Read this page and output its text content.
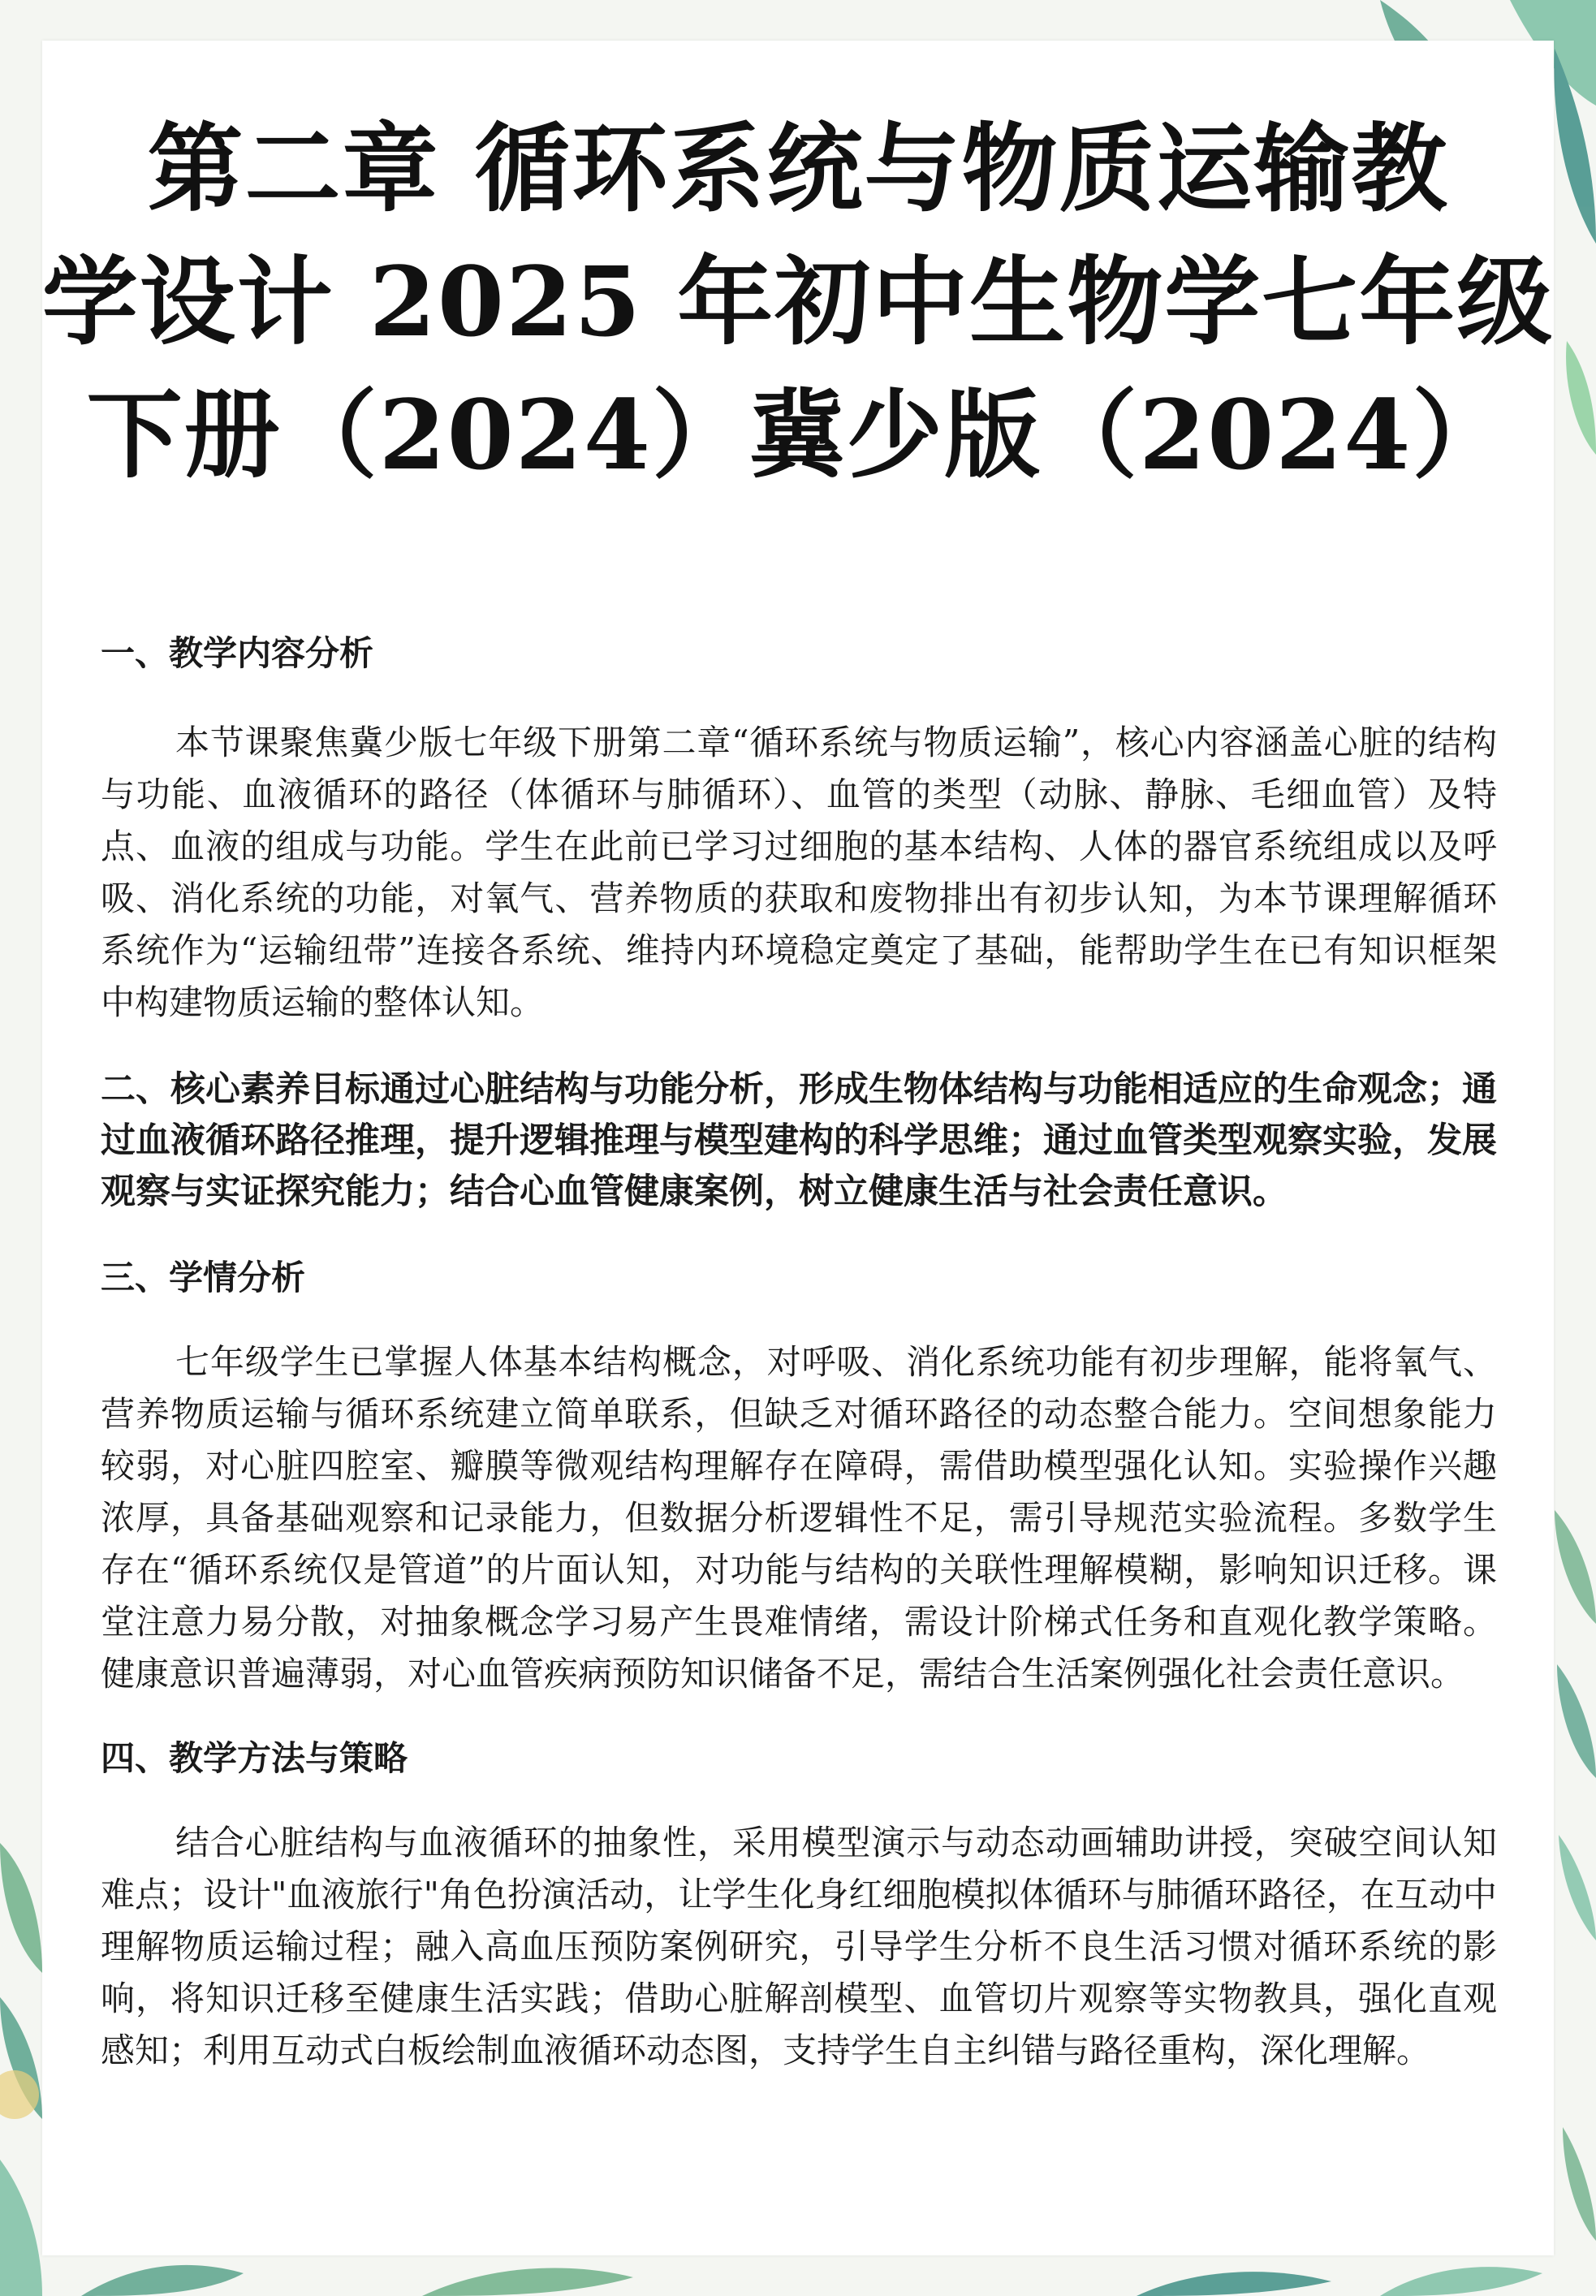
第二章 循环系统与物质运输教
学设计 2025 年初中生物学七年级
下册（2024）冀少版（2024）

一、教学内容分析

本节课聚焦冀少版七年级下册第二章“循环系统与物质运输”，核心内容涵盖心脏的结构与功能、血液循环的路径（体循环与肺循环）、血管的类型（动脉、静脉、毛细血管）及特点、血液的组成与功能。学生在此前已学习过细胞的基本结构、人体的器官系统组成以及呼吸、消化系统的功能，对氧气、营养物质的获取和废物排出有初步认知，为本节课理解循环系统作为“运输纽带”连接各系统、维持内环境稳定奠定了基础，能帮助学生在已有知识框架中构建物质运输的整体认知。

二、核心素养目标通过心脏结构与功能分析，形成生物体结构与功能相适应的生命观念；通过血液循环路径推理，提升逻辑推理与模型建构的科学思维；通过血管类型观察实验，发展观察与实证探究能力；结合心血管健康案例，树立健康生活与社会责任意识。

三、学情分析

七年级学生已掌握人体基本结构概念，对呼吸、消化系统功能有初步理解，能将氧气、营养物质运输与循环系统建立简单联系，但缺乏对循环路径的动态整合能力。空间想象能力较弱，对心脏四腔室、瓣膜等微观结构理解存在障碍，需借助模型强化认知。实验操作兴趣浓厚，具备基础观察和记录能力，但数据分析逻辑性不足，需引导规范实验流程。多数学生存在“循环系统仅是管道”的片面认知，对功能与结构的关联性理解模糊，影响知识迁移。课堂注意力易分散，对抽象概念学习易产生畏难情绪，需设计阶梯式任务和直观化教学策略。健康意识普遍薄弱，对心血管疾病预防知识储备不足，需结合生活案例强化社会责任意识。

四、教学方法与策略

结合心脏结构与血液循环的抽象性，采用模型演示与动态动画辅助讲授，突破空间认知难点；设计"血液旅行"角色扮演活动，让学生化身红细胞模拟体循环与肺循环路径，在互动中理解物质运输过程；融入高血压预防案例研究，引导学生分析不良生活习惯对循环系统的影响，将知识迁移至健康生活实践；借助心脏解剖模型、血管切片观察等实物教具，强化直观感知；利用互动式白板绘制血液循环动态图，支持学生自主纠错与路径重构，深化理解。
